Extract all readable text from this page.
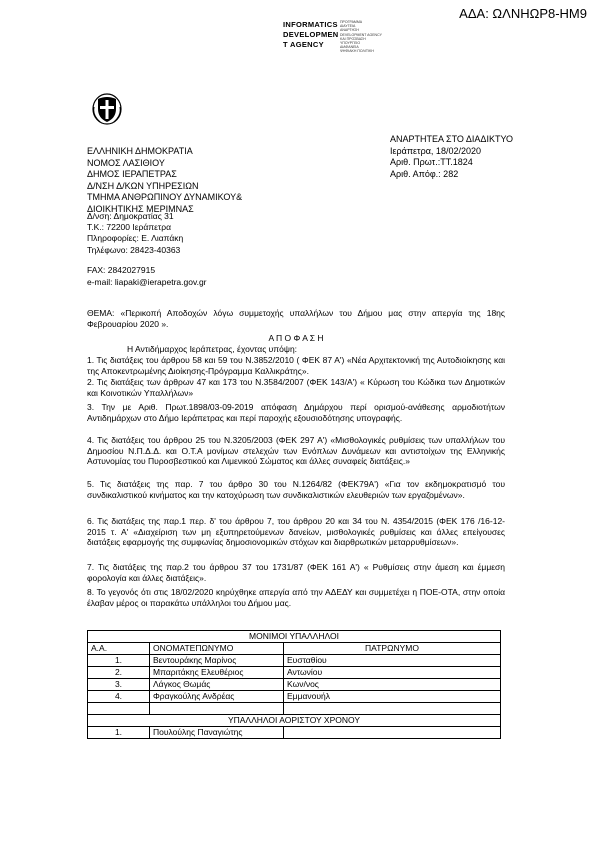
ΑΔΑ: ΩΛΝΗΩΡ8-ΗΜ9
INFORMATICS
DEVELOPMEN
T AGENCY
ΠΡΟΓΡΑΜΜΑ
ΔΙΑΥΓΕΙΑ
ΑΝΑΡΤΗΣΗ
DEVELOPMENT AGENCY
ΚΑΙ ΠΡΟΣΒΑΣΗ
ΥΠΟΥΡΓΕΙΟ
ΔΙΑΦΑΝΕΙΑ
ΨΗΦΙΑΚΗ ΠΟΛΙΤΙΚΗ
ΕΛΛΗΝΙΚΗ ΔΗΜΟΚΡΑΤΙΑ
ΝΟΜΟΣ ΛΑΣΙΘΙΟΥ
ΔΗΜΟΣ ΙΕΡΑΠΕΤΡΑΣ
Δ/ΝΣΗ Δ/ΚΩΝ ΥΠΗΡΕΣΙΩΝ
ΤΜΗΜΑ ΑΝΘΡΩΠΙΝΟΥ ΔΥΝΑΜΙΚΟΥ&
ΔΙΟΙΚΗΤΙΚΗΣ ΜΕΡΙΜΝΑΣ
ΑΝΑΡΤΗΤΕΑ ΣΤΟ ΔΙΑΔΙΚΤΥΟ
Ιεράπετρα, 18/02/2020
Αριθ. Πρωτ.:ΤΤ.1824
Αριθ. Απόφ.: 282
Δ/νση: Δημοκρατίας 31
Τ.Κ.: 72200 Ιεράπετρα
Πληροφορίες: Ε. Λιαπάκη
Τηλέφωνο: 28423-40363
FAX: 2842027915
e-mail: liapaki@ierapetra.gov.gr
ΘΕΜΑ: «Περικοπή Αποδοχών λόγω συμμετοχής υπαλλήλων του Δήμου μας στην απεργία της 18ης Φεβρουαρίου 2020 ».
Α Π Ο Φ Α Σ Η
Η Αντιδήμαρχος Ιεράπετρας, έχοντας υπόψη:
1. Τις διατάξεις του άρθρου 58 και 59 του Ν.3852/2010 ( ΦΕΚ 87 Α') «Νέα Αρχιτεκτονική της Αυτοδιοίκησης και της Αποκεντρωμένης Διοίκησης-Πρόγραμμα Καλλικράτης».
2. Τις διατάξεις των άρθρων 47 και 173 του Ν.3584/2007 (ΦΕΚ 143/Α') « Κύρωση του Κώδικα των Δημοτικών και Κοινοτικών Υπαλλήλων»
3. Την με Αριθ. Πρωτ.1898/03-09-2019 απόφαση Δημάρχου περί ορισμού-ανάθεσης αρμοδιοτήτων Αντιδημάρχων στο Δήμο Ιεράπετρας και περί παροχής εξουσιοδότησης υπογραφής.
4. Τις διατάξεις του άρθρου 25 του Ν.3205/2003 (ΦΕΚ 297 Α') «Μισθολογικές ρυθμίσεις των υπαλλήλων του Δημοσίου Ν.Π.Δ.Δ. και Ο.Τ.Α μονίμων στελεχών των Ενόπλων Δυνάμεων και αντιστοίχων της Ελληνικής Αστυνομίας του Πυροσβεστικού και Λιμενικού Σώματος και άλλες συναφείς διατάξεις.»
5. Τις διατάξεις της παρ. 7 του άρθρο 30 του Ν.1264/82 (ΦΕΚ79Α') «Για τον εκδημοκρατισμό του συνδικαλιστικού κινήματος και την κατοχύρωση των συνδικαλιστικών ελευθεριών των εργαζομένων».
6. Τις διατάξεις της παρ.1 περ. δ' του άρθρου 7, του άρθρου 20 και 34 του Ν. 4354/2015 (ΦΕΚ 176 /16-12-2015 τ. Α' «Διαχείριση των μη εξυπηρετούμενων δανείων, μισθολογικές ρυθμίσεις και άλλες επείγουσες διατάξεις εφαρμογής της συμφωνίας δημοσιονομικών στόχων και διαρθρωτικών μεταρρυθμίσεων».
7. Τις διατάξεις της παρ.2 του άρθρου 37 του 1731/87 (ΦΕΚ 161 Α') « Ρυθμίσεις στην άμεση και έμμεση φορολογία και άλλες διατάξεις».
8. Το γεγονός ότι στις 18/02/2020 κηρύχθηκε απεργία από την ΑΔΕΔΥ και συμμετέχει η ΠΟΕ-ΟΤΑ, στην οποία έλαβαν μέρος οι παρακάτω υπάλληλοι του Δήμου μας.
ΜΟΝΙΜΟΙ ΥΠΑΛΛΗΛΟΙ		
Α.Α.	ΟΝΟΜΑΤΕΠΩΝΥΜΟ	ΠΑΤΡΩΝΥΜΟ
1.	Βεντουράκης Μαρίνος	Ευσταθίου
2.	Μπαριτάκης Ελευθέριος	Αντωνίου
3.	Λάγκος Θωμάς	Κων/νος
4.	Φραγκούλης Ανδρέας	Εμμανουήλ

ΥΠΑΛΛΗΛΟΙ ΑΟΡΙΣΤΟΥ ΧΡΟΝΟΥ		
1.	Πουλούλης Παναγιώτης	
